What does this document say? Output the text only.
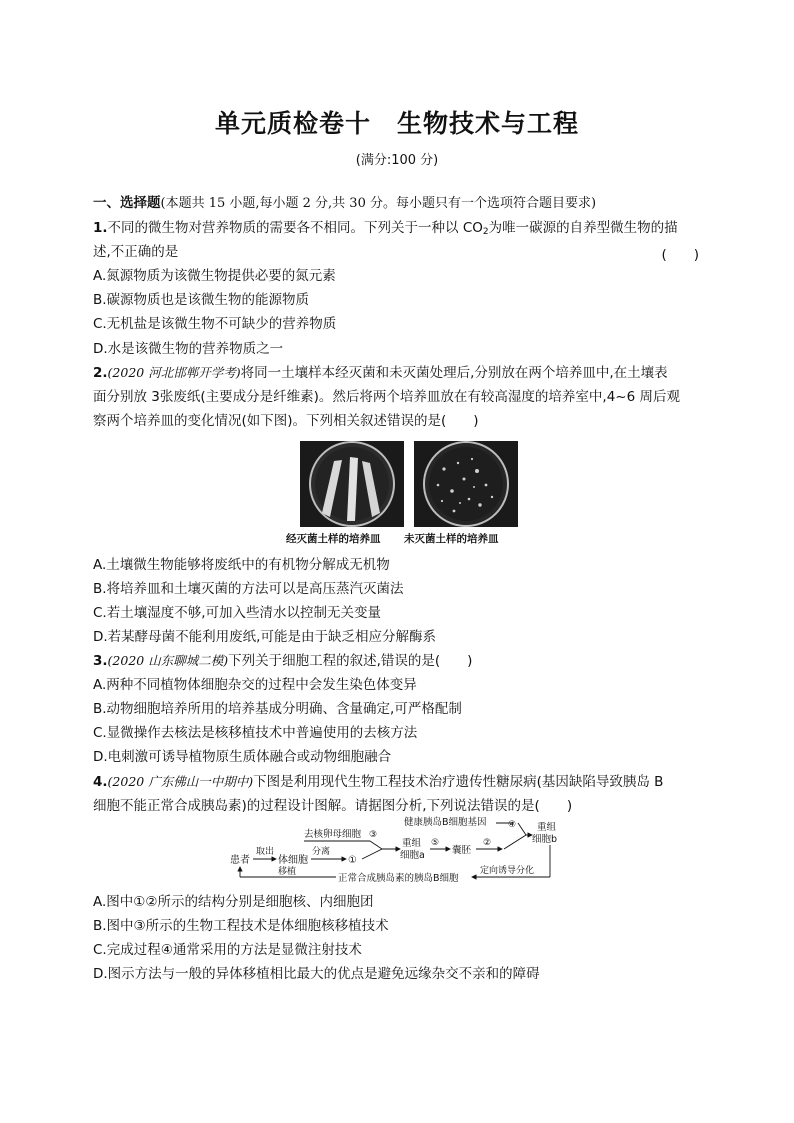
单元质检卷十 生物技术与工程
(满分:100 分)
一、选择题(本题共 15 小题,每小题 2 分,共 30 分。每小题只有一个选项符合题目要求)
1.不同的微生物对营养物质的需要各不相同。下列关于一种以 $CO_2$为唯一碳源的自养型微生物的描
述,不正确的是	(　　)
A.氮源物质为该微生物提供必要的氮元素
B.碳源物质也是该微生物的能源物质
C.无机盐是该微生物不可缺少的营养物质
D.水是该微生物的营养物质之一
2.(2020 河北邯郸开学考)将同一土壤样本经灭菌和未灭菌处理后,分别放在两个培养皿中,在土壤表
面分别放 3张废纸(主要成分是纤维素)。然后将两个培养皿放在有较高湿度的培养室中,4~6 周后观
察两个培养皿的变化情况(如下图)。下列相关叙述错误的是(　　)
经灭菌土样的培养皿 未灭菌土样的培养皿
A.土壤微生物能够将废纸中的有机物分解成无机物
B.将培养皿和土壤灭菌的方法可以是高压蒸汽灭菌法
C.若土壤湿度不够,可加入些清水以控制无关变量
D.若某酵母菌不能利用废纸,可能是由于缺乏相应分解酶系
3.(2020 山东聊城二模)下列关于细胞工程的叙述,错误的是(　　)
A.两种不同植物体细胞杂交的过程中会发生染色体变异
B.动物细胞培养所用的培养基成分明确、含量确定,可严格配制
C.显微操作去核法是核移植技术中普遍使用的去核方法
D.电刺激可诱导植物原生质体融合或动物细胞融合
4.(2020 广东佛山一中期中)下图是利用现代生物工程技术治疗遗传性糖尿病(基因缺陷导致胰岛 B
细胞不能正常合成胰岛素)的过程设计图解。请据图分析,下列说法错误的是(　　)
患者
取出
体细胞
分离
①
去核卵母细胞 ③
重组
细胞a
⑤
囊胚
②
健康胰岛B细胞基因 ④ 重组
细胞b
定向诱导分化
正常合成胰岛素的胰岛B细胞
移植
A.图中①②所示的结构分别是细胞核、内细胞团
B.图中③所示的生物工程技术是体细胞核移植技术
C.完成过程④通常采用的方法是显微注射技术
D.图示方法与一般的异体移植相比最大的优点是避免远缘杂交不亲和的障碍
